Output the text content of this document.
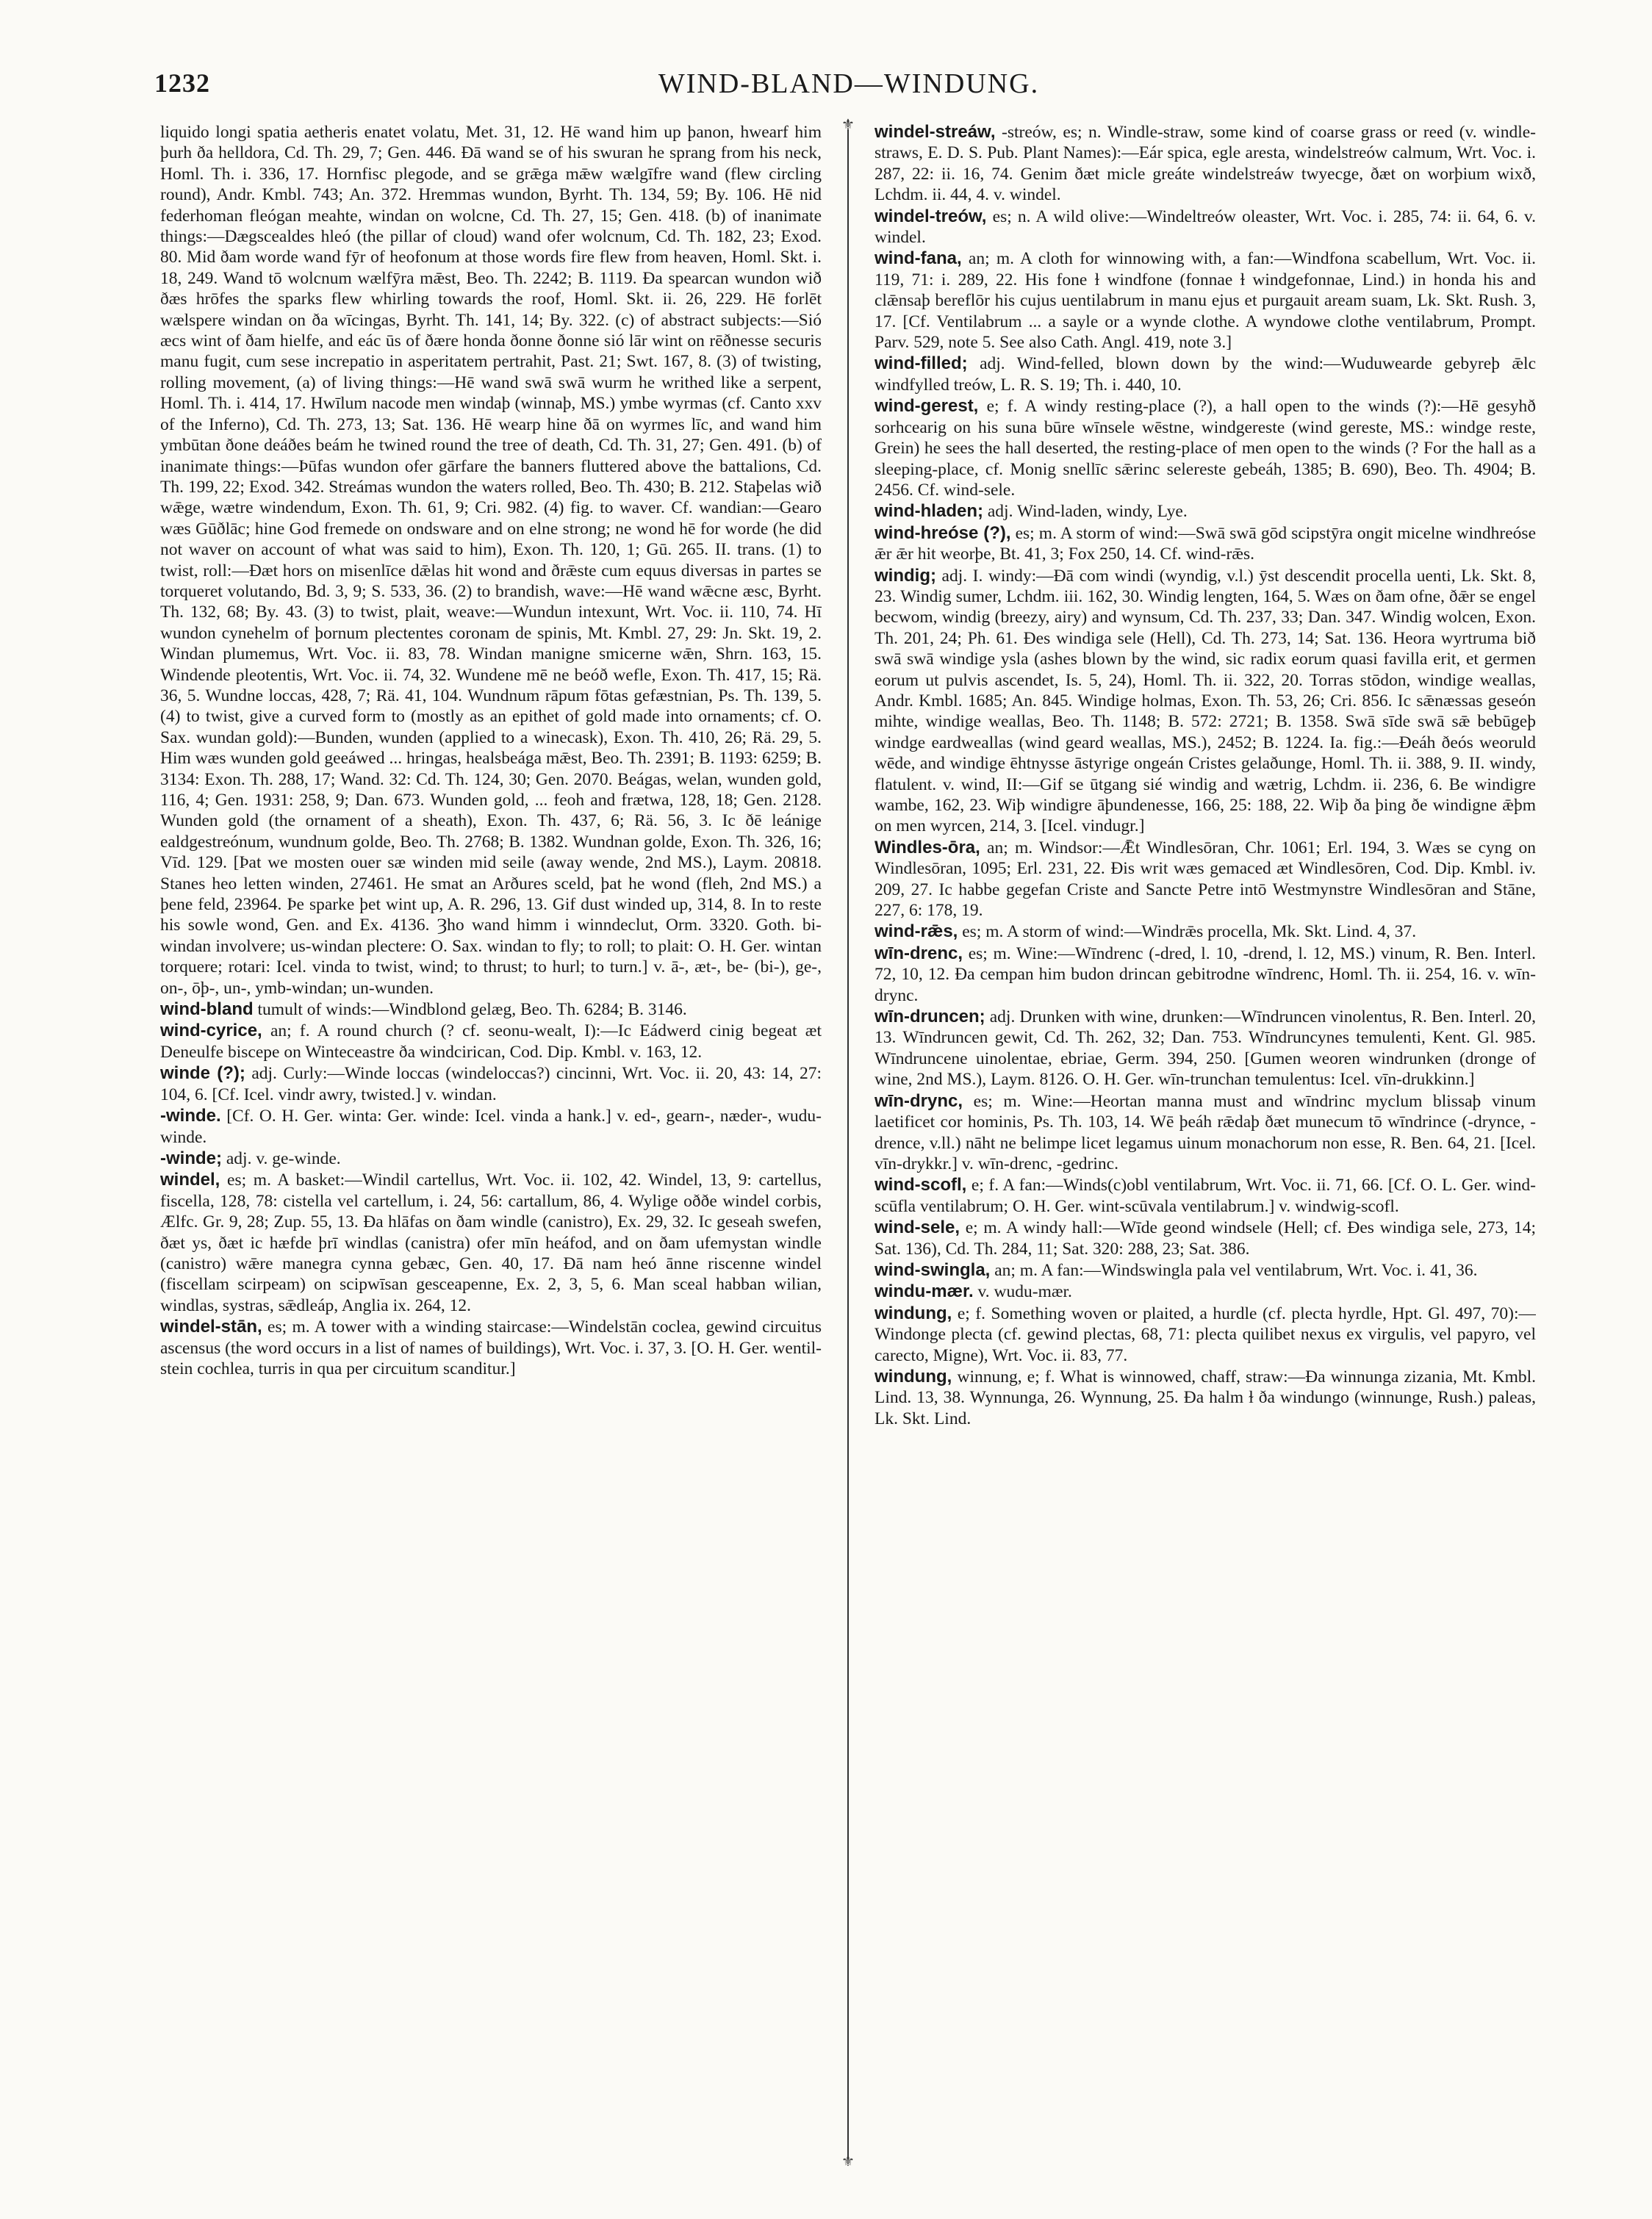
1232	WIND-BLAND—WINDUNG.

liquido longi spatia aetheris enatet volatu, Met. 31, 12. Hē wand him up þanon, hwearf him þurh ða helldora, Cd. Th. 29, 7; Gen. 446. Ðā wand se of his swuran he sprang from his neck, Homl. Th. i. 336, 17. Hornfisc plegode, and se grǣga mǣw wælgīfre wand (flew circling round), Andr. Kmbl. 743; An. 372. Hremmas wundon, Byrht. Th. 134, 59; By. 106. Hē nid federhoman fleógan meahte, windan on wolcne, Cd. Th. 27, 15; Gen. 418. (b) of inanimate things:—Dægscealdes hleó (the pillar of cloud) wand ofer wolcnum, Cd. Th. 182, 23; Exod. 80. Mid ðam worde wand fȳr of heofonum at those words fire flew from heaven, Homl. Skt. i. 18, 249. Wand tō wolcnum wælfȳra mǣst, Beo. Th. 2242; B. 1119. Ða spearcan wundon wið ðæs hrōfes the sparks flew whirling towards the roof, Homl. Skt. ii. 26, 229. Hē forlēt wælspere windan on ða wīcingas, Byrht. Th. 141, 14; By. 322. (c) of abstract subjects:—Sió æcs wint of ðam hielfe, and eác ūs of ðære honda ðonne ðonne sió lār wint on rēðnesse securis manu fugit, cum sese increpatio in asperitatem pertrahit, Past. 21; Swt. 167, 8. (3) of twisting, rolling movement, (a) of living things:—Hē wand swā swā wurm he writhed like a serpent, Homl. Th. i. 414, 17. Hwīlum nacode men windaþ (winnaþ, MS.) ymbe wyrmas (cf. Canto xxv of the Inferno), Cd. Th. 273, 13; Sat. 136. Hē wearp hine ðā on wyrmes līc, and wand him ymbūtan ðone deáðes beám he twined round the tree of death, Cd. Th. 31, 27; Gen. 491. (b) of inanimate things:—Þūfas wundon ofer gārfare the banners fluttered above the battalions, Cd. Th. 199, 22; Exod. 342. Streámas wundon the waters rolled, Beo. Th. 430; B. 212. Staþelas wið wǣge, wætre windendum, Exon. Th. 61, 9; Cri. 982. (4) fig. to waver. Cf. wandian:—Gearo wæs Gūðlāc; hine God fremede on ondsware and on elne strong; ne wond hē for worde (he did not waver on account of what was said to him), Exon. Th. 120, 1; Gū. 265. II. trans. (1) to twist, roll:—Ðæt hors on misenlīce dǣlas hit wond and ðrǣste cum equus diversas in partes se torqueret volutando, Bd. 3, 9; S. 533, 36. (2) to brandish, wave:—Hē wand wǣcne æsc, Byrht. Th. 132, 68; By. 43. (3) to twist, plait, weave:—Wundun intexunt, Wrt. Voc. ii. 110, 74. Hī wundon cynehelm of þornum plectentes coronam de spinis, Mt. Kmbl. 27, 29: Jn. Skt. 19, 2. Windan plumemus, Wrt. Voc. ii. 83, 78. Windan manigne smicerne wǣn, Shrn. 163, 15. Windende pleotentis, Wrt. Voc. ii. 74, 32. Wundene mē ne beóð wefle, Exon. Th. 417, 15; Rä. 36, 5. Wundne loccas, 428, 7; Rä. 41, 104. Wundnum rāpum fōtas gefæstnian, Ps. Th. 139, 5. (4) to twist, give a curved form to (mostly as an epithet of gold made into ornaments; cf. O. Sax. wundan gold):—Bunden, wunden (applied to a winecask), Exon. Th. 410, 26; Rä. 29, 5. Him wæs wunden gold geeáwed ... hringas, healsbeága mǣst, Beo. Th. 2391; B. 1193: 6259; B. 3134: Exon. Th. 288, 17; Wand. 32: Cd. Th. 124, 30; Gen. 2070. Beágas, welan, wunden gold, 116, 4; Gen. 1931: 258, 9; Dan. 673. Wunden gold, ... feoh and frætwa, 128, 18; Gen. 2128. Wunden gold (the ornament of a sheath), Exon. Th. 437, 6; Rä. 56, 3. Ic ðē leánige ealdgestreónum, wundnum golde, Beo. Th. 2768; B. 1382. Wundnan golde, Exon. Th. 326, 16; Vīd. 129. [Þat we mosten ouer sæ winden mid seile (away wende, 2nd MS.), Laym. 20818. Stanes heo letten winden, 27461. He smat an Arðures sceld, þat he wond (fleh, 2nd MS.) a þene feld, 23964. Þe sparke þet wint up, A. R. 296, 13. Gif dust winded up, 314, 8. In to reste his sowle wond, Gen. and Ex. 4136. Ȝho wand himm i winndeclut, Orm. 3320. Goth. bi-windan involvere; us-windan plectere: O. Sax. windan to fly; to roll; to plait: O. H. Ger. wintan torquere; rotari: Icel. vinda to twist, wind; to thrust; to hurl; to turn.] v. ā-, æt-, be- (bi-), ge-, on-, ōþ-, un-, ymb-windan; un-wunden.

wind-bland tumult of winds:—Windblond gelæg, Beo. Th. 6284; B. 3146.

wind-cyrice, an; f. A round church (? cf. seonu-wealt, I):—Ic Eádwerd cinig begeat æt Deneulfe biscepe on Winteceastre ða windcirican, Cod. Dip. Kmbl. v. 163, 12.

winde (?); adj. Curly:—Winde loccas (windeloccas?) cincinni, Wrt. Voc. ii. 20, 43: 14, 27: 104, 6. [Cf. Icel. vindr awry, twisted.] v. windan.

-winde. [Cf. O. H. Ger. winta: Ger. winde: Icel. vinda a hank.] v. ed-, gearn-, næder-, wudu-winde.

-winde; adj. v. ge-winde.

windel, es; m. A basket:—Windil cartellus, Wrt. Voc. ii. 102, 42. Windel, 13, 9: cartellus, fiscella, 128, 78: cistella vel cartellum, i. 24, 56: cartallum, 86, 4. Wylige oððe windel corbis, Ælfc. Gr. 9, 28; Zup. 55, 13. Ða hlāfas on ðam windle (canistro), Ex. 29, 32. Ic geseah swefen, ðæt ys, ðæt ic hæfde þrī windlas (canistra) ofer mīn heáfod, and on ðam ufemystan windle (canistro) wǣre manegra cynna gebæc, Gen. 40, 17. Ðā nam heó ānne riscenne windel (fiscellam scirpeam) on scipwīsan gesceapenne, Ex. 2, 3, 5, 6. Man sceal habban wilian, windlas, systras, sǣdleáp, Anglia ix. 264, 12.

windel-stān, es; m. A tower with a winding staircase:—Windelstān coclea, gewind circuitus ascensus (the word occurs in a list of names of buildings), Wrt. Voc. i. 37, 3. [O. H. Ger. wentil-stein cochlea, turris in qua per circuitum scanditur.]

⚜
⚜

windel-streáw, -streów, es; n. Windle-straw, some kind of coarse grass or reed (v. windle-straws, E. D. S. Pub. Plant Names):—Eár spica, egle aresta, windelstreów calmum, Wrt. Voc. i. 287, 22: ii. 16, 74. Genim ðæt micle greáte windelstreáw twyecge, ðæt on worþium wixð, Lchdm. ii. 44, 4. v. windel.

windel-treów, es; n. A wild olive:—Windeltreów oleaster, Wrt. Voc. i. 285, 74: ii. 64, 6. v. windel.

wind-fana, an; m. A cloth for winnowing with, a fan:—Windfona scabellum, Wrt. Voc. ii. 119, 71: i. 289, 22. His fone ɫ windfone (fonnae ɫ windgefonnae, Lind.) in honda his and clǣnsaþ bereflōr his cujus uentilabrum in manu ejus et purgauit aream suam, Lk. Skt. Rush. 3, 17. [Cf. Ventilabrum ... a sayle or a wynde clothe. A wyndowe clothe ventilabrum, Prompt. Parv. 529, note 5. See also Cath. Angl. 419, note 3.]

wind-filled; adj. Wind-felled, blown down by the wind:—Wuduwearde gebyreþ ǣlc windfylled treów, L. R. S. 19; Th. i. 440, 10.

wind-gerest, e; f. A windy resting-place (?), a hall open to the winds (?):—Hē gesyhð sorhcearig on his suna būre wīnsele wēstne, windgereste (wind gereste, MS.: windge reste, Grein) he sees the hall deserted, the resting-place of men open to the winds (? For the hall as a sleeping-place, cf. Monig snellīc sǣrinc selereste gebeáh, 1385; B. 690), Beo. Th. 4904; B. 2456. Cf. wind-sele.

wind-hladen; adj. Wind-laden, windy, Lye.

wind-hreóse (?), es; m. A storm of wind:—Swā swā gōd scipstȳra ongit micelne windhreóse ǣr ǣr hit weorþe, Bt. 41, 3; Fox 250, 14. Cf. wind-rǣs.

windig; adj. I. windy:—Ðā com windi (wyndig, v.l.) ȳst descendit procella uenti, Lk. Skt. 8, 23. Windig sumer, Lchdm. iii. 162, 30. Windig lengten, 164, 5. Wæs on ðam ofne, ðǣr se engel becwom, windig (breezy, airy) and wynsum, Cd. Th. 237, 33; Dan. 347. Windig wolcen, Exon. Th. 201, 24; Ph. 61. Ðes windiga sele (Hell), Cd. Th. 273, 14; Sat. 136. Heora wyrtruma bið swā swā windige ysla (ashes blown by the wind, sic radix eorum quasi favilla erit, et germen eorum ut pulvis ascendet, Is. 5, 24), Homl. Th. ii. 322, 20. Torras stōdon, windige weallas, Andr. Kmbl. 1685; An. 845. Windige holmas, Exon. Th. 53, 26; Cri. 856. Ic sǣnæssas geseón mihte, windige weallas, Beo. Th. 1148; B. 572: 2721; B. 1358. Swā sīde swā sǣ bebūgeþ windge eardweallas (wind geard weallas, MS.), 2452; B. 1224. Ia. fig.:—Ðeáh ðeós weoruld wēde, and windige ēhtnysse āstyrige ongeán Cristes gelaðunge, Homl. Th. ii. 388, 9. II. windy, flatulent. v. wind, II:—Gif se ūtgang sié windig and wætrig, Lchdm. ii. 236, 6. Be windigre wambe, 162, 23. Wiþ windigre āþundenesse, 166, 25: 188, 22. Wiþ ða þing ðe windigne ǣþm on men wyrcen, 214, 3. [Icel. vindugr.]

Windles-ōra, an; m. Windsor:—Ǣt Windlesōran, Chr. 1061; Erl. 194, 3. Wæs se cyng on Windlesōran, 1095; Erl. 231, 22. Ðis writ wæs gemaced æt Windlesōren, Cod. Dip. Kmbl. iv. 209, 27. Ic habbe gegefan Criste and Sancte Petre intō Westmynstre Windlesōran and Stāne, 227, 6: 178, 19.

wind-rǣs, es; m. A storm of wind:—Windrǣs procella, Mk. Skt. Lind. 4, 37.

wīn-drenc, es; m. Wine:—Wīndrenc (-dred, l. 10, -drend, l. 12, MS.) vinum, R. Ben. Interl. 72, 10, 12. Ða cempan him budon drincan gebitrodne wīndrenc, Homl. Th. ii. 254, 16. v. wīn-drync.

wīn-druncen; adj. Drunken with wine, drunken:—Wīndruncen vinolentus, R. Ben. Interl. 20, 13. Wīndruncen gewit, Cd. Th. 262, 32; Dan. 753. Wīndruncynes temulenti, Kent. Gl. 985. Wīndruncene uinolentae, ebriae, Germ. 394, 250. [Gumen weoren windrunken (dronge of wine, 2nd MS.), Laym. 8126. O. H. Ger. wīn-trunchan temulentus: Icel. vīn-drukkinn.]

wīn-drync, es; m. Wine:—Heortan manna must and wīndrinc myclum blissaþ vinum laetificet cor hominis, Ps. Th. 103, 14. Wē þeáh rǣdaþ ðæt munecum tō wīndrince (-drynce, -drence, v.ll.) nāht ne belimpe licet legamus uinum monachorum non esse, R. Ben. 64, 21. [Icel. vīn-drykkr.] v. wīn-drenc, -gedrinc.

wind-scofl, e; f. A fan:—Winds(c)obl ventilabrum, Wrt. Voc. ii. 71, 66. [Cf. O. L. Ger. wind-scūfla ventilabrum; O. H. Ger. wint-scūvala ventilabrum.] v. windwig-scofl.

wind-sele, e; m. A windy hall:—Wīde geond windsele (Hell; cf. Ðes windiga sele, 273, 14; Sat. 136), Cd. Th. 284, 11; Sat. 320: 288, 23; Sat. 386.

wind-swingla, an; m. A fan:—Windswingla pala vel ventilabrum, Wrt. Voc. i. 41, 36.

windu-mær. v. wudu-mær.

windung, e; f. Something woven or plaited, a hurdle (cf. plecta hyrdle, Hpt. Gl. 497, 70):—Windonge plecta (cf. gewind plectas, 68, 71: plecta quilibet nexus ex virgulis, vel papyro, vel carecto, Migne), Wrt. Voc. ii. 83, 77.

windung, winnung, e; f. What is winnowed, chaff, straw:—Ða winnunga zizania, Mt. Kmbl. Lind. 13, 38. Wynnunga, 26. Wynnung, 25. Ða halm ɫ ða windungo (winnunge, Rush.) paleas, Lk. Skt. Lind.
